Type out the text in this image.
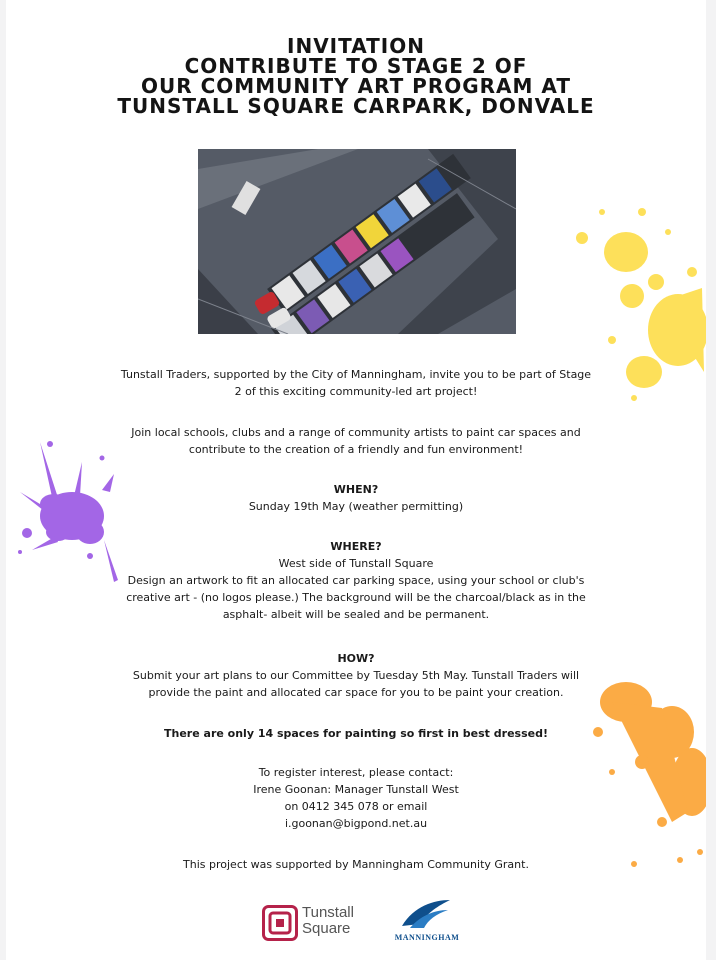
INVITATION
CONTRIBUTE TO STAGE 2 OF
OUR COMMUNITY ART PROGRAM AT
TUNSTALL SQUARE CARPARK, DONVALE
Tunstall Traders, supported by the City of Manningham, invite you to be part of Stage
2 of this exciting community-led art project!
Join local schools, clubs and a range of community artists to paint car spaces and
contribute to the creation of a friendly and fun environment!
WHEN?
Sunday 19th May (weather permitting)
WHERE?
West side of Tunstall Square
Design an artwork to fit an allocated car parking space, using your school or club's
creative art - (no logos please.) The background will be the charcoal/black as in the
asphalt- albeit will be sealed and be permanent.
HOW?
Submit your art plans to our Committee by Tuesday 5th May. Tunstall Traders will
provide the paint and allocated car space for you to be paint your creation.
There are only 14 spaces for painting so first in best dressed!
To register interest, please contact:
Irene Goonan: Manager Tunstall West
on 0412 345 078 or email
i.goonan@bigpond.net.au
This project was supported by Manningham Community Grant.
Tunstall
Square
MANNINGHAM
